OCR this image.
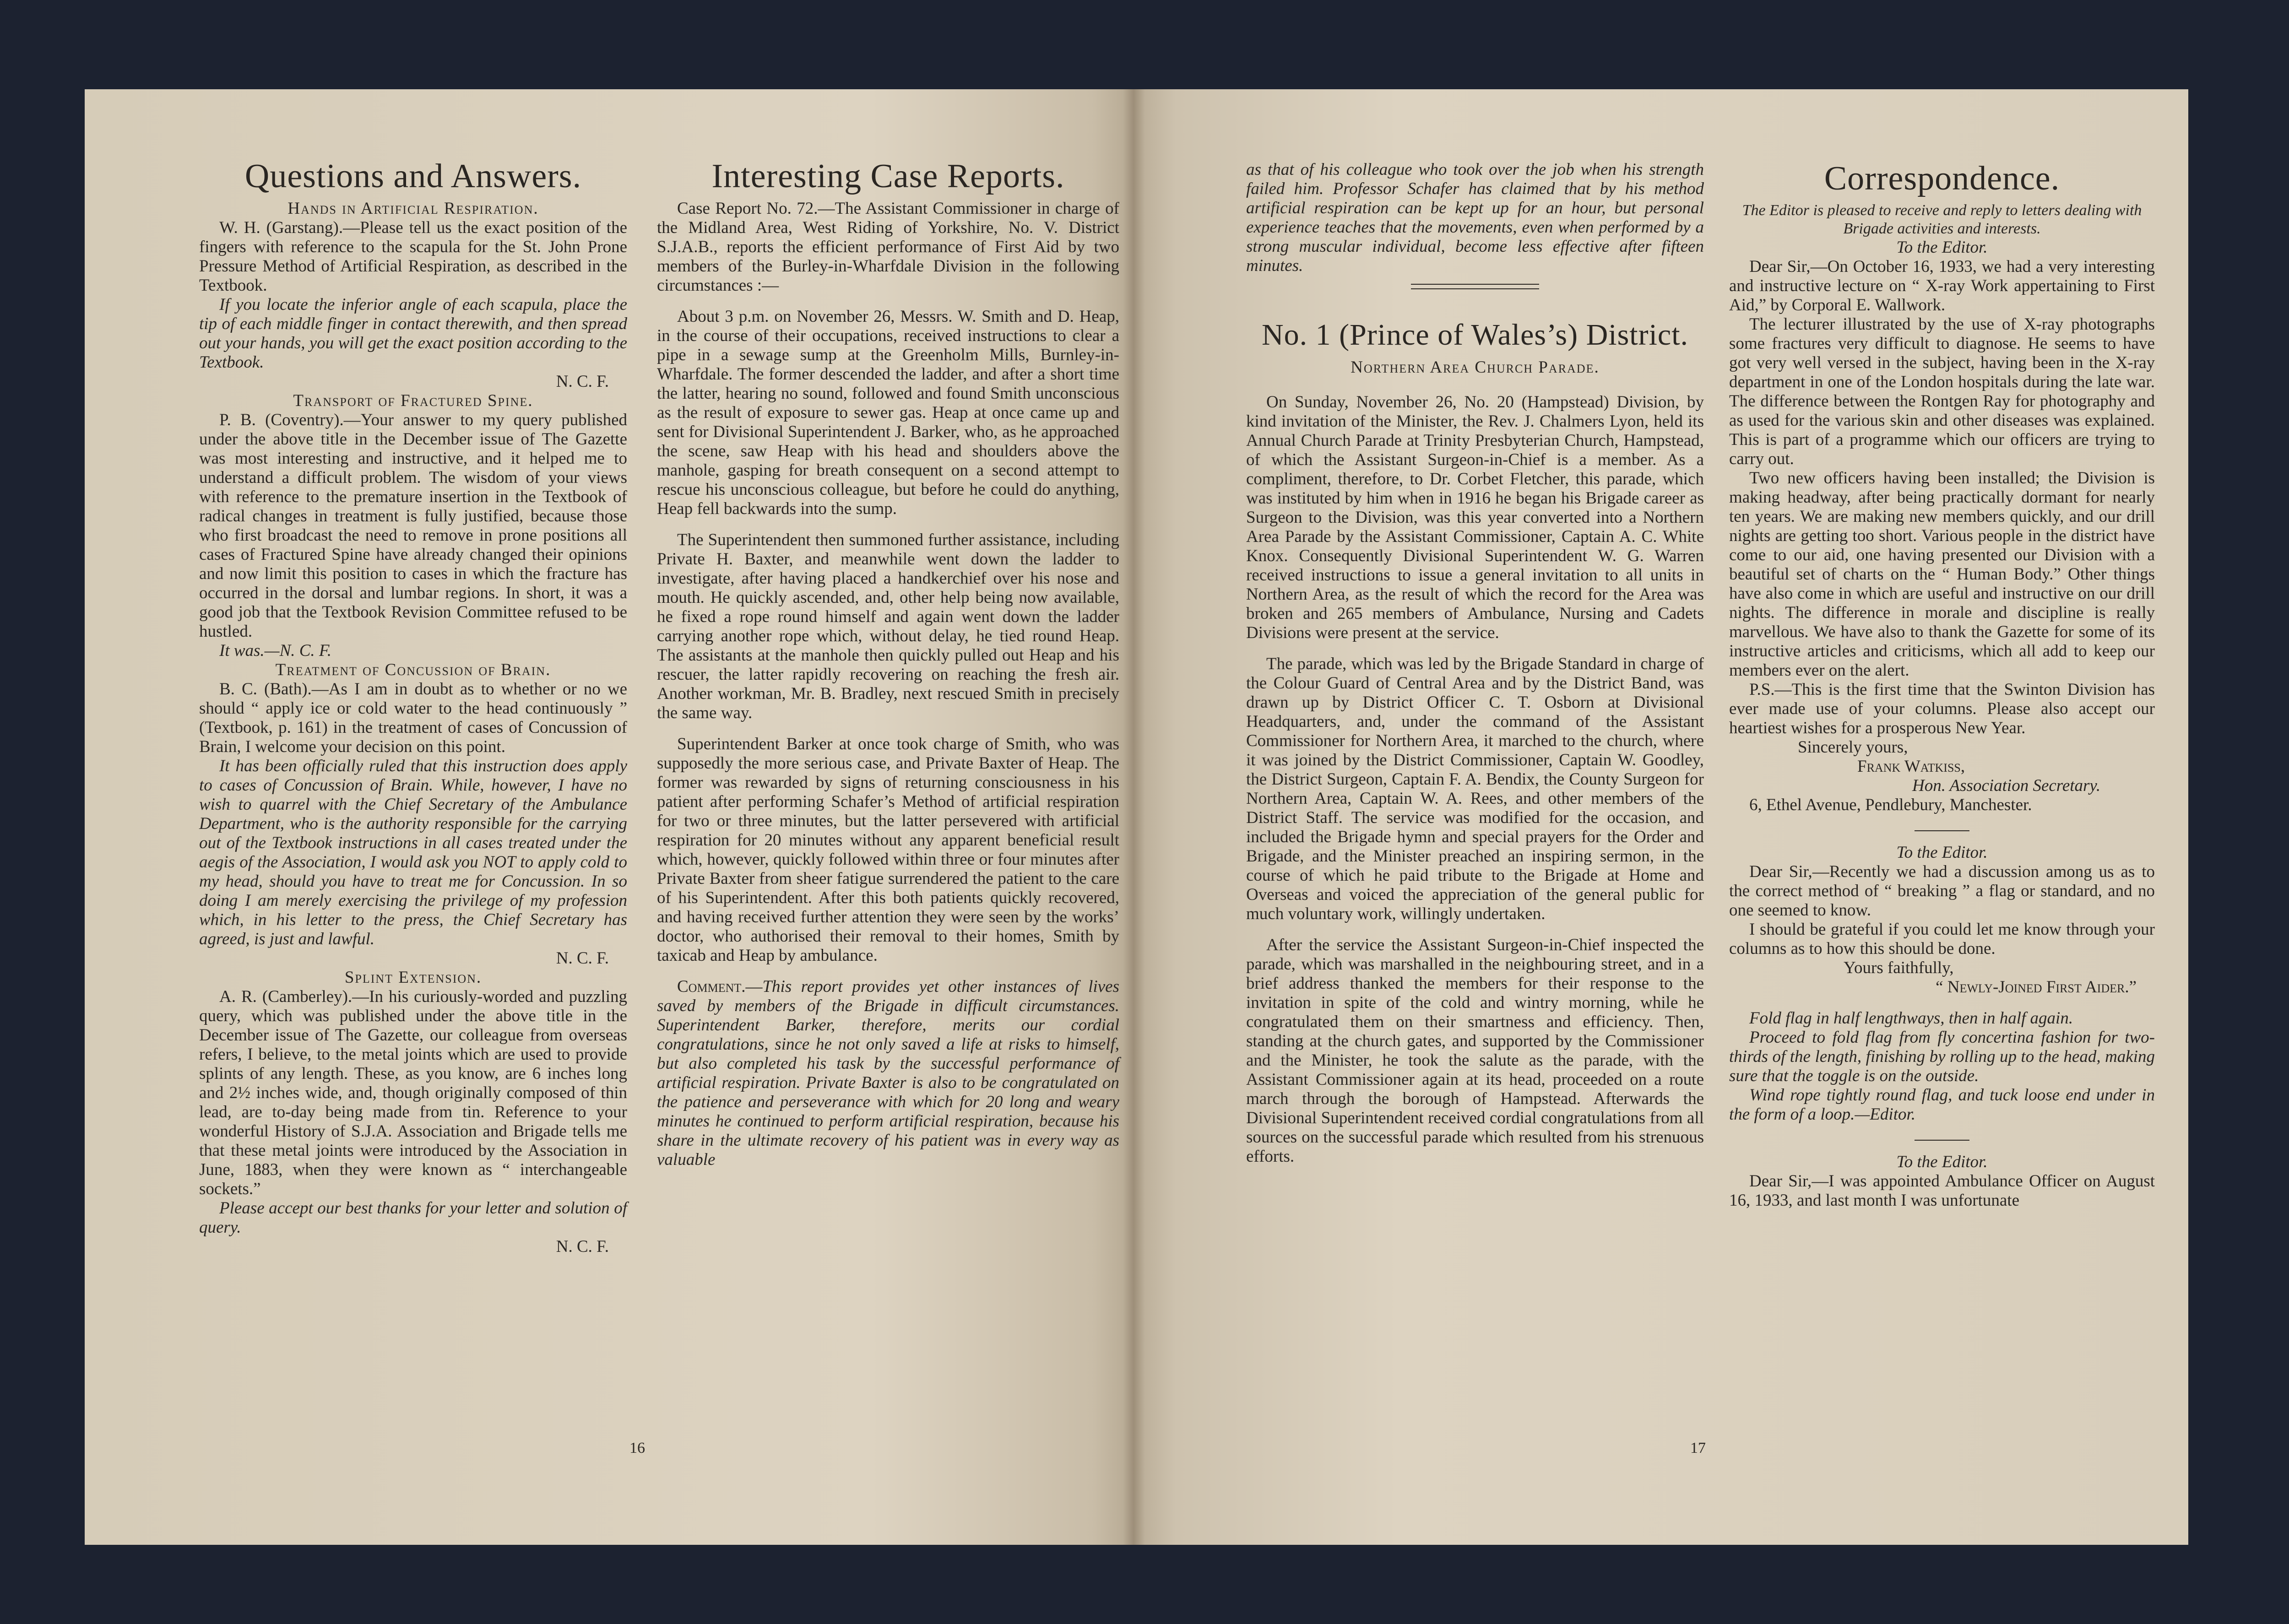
Questions and Answers.

Hands in Artificial Respiration.

W. H. (Garstang).—Please tell us the exact position of the fingers with reference to the scapula for the St. John Prone Pressure Method of Artificial Respiration, as described in the Textbook.

If you locate the inferior angle of each scapula, place the tip of each middle finger in contact therewith, and then spread out your hands, you will get the exact position according to the Textbook.

N. C. F.

Transport of Fractured Spine.

P. B. (Coventry).—Your answer to my query published under the above title in the December issue of The Gazette was most interesting and instructive, and it helped me to understand a difficult problem. The wisdom of your views with reference to the premature insertion in the Textbook of radical changes in treatment is fully justified, because those who first broadcast the need to remove in prone positions all cases of Fractured Spine have already changed their opinions and now limit this position to cases in which the fracture has occurred in the dorsal and lumbar regions. In short, it was a good job that the Textbook Revision Committee refused to be hustled.

It was.—N. C. F.

Treatment of Concussion of Brain.

B. C. (Bath).—As I am in doubt as to whether or no we should “ apply ice or cold water to the head continuously ” (Textbook, p. 161) in the treatment of cases of Concussion of Brain, I welcome your decision on this point.

It has been officially ruled that this instruction does apply to cases of Concussion of Brain. While, however, I have no wish to quarrel with the Chief Secretary of the Ambulance Department, who is the authority responsible for the carrying out of the Textbook instructions in all cases treated under the aegis of the Association, I would ask you NOT to apply cold to my head, should you have to treat me for Concussion. In so doing I am merely exercising the privilege of my profession which, in his letter to the press, the Chief Secretary has agreed, is just and lawful.

N. C. F.

Splint Extension.

A. R. (Camberley).—In his curiously-worded and puzzling query, which was published under the above title in the December issue of The Gazette, our colleague from overseas refers, I believe, to the metal joints which are used to provide splints of any length. These, as you know, are 6 inches long and 2½ inches wide, and, though originally composed of thin lead, are to-day being made from tin. Reference to your wonderful History of S.J.A. Association and Brigade tells me that these metal joints were introduced by the Association in June, 1883, when they were known as “ interchangeable sockets.”

Please accept our best thanks for your letter and solution of query.

N. C. F.

Interesting Case Reports.

Case Report No. 72.—The Assistant Commissioner in charge of the Midland Area, West Riding of Yorkshire, No. V. District S.J.A.B., reports the efficient performance of First Aid by two members of the Burley-in-Wharfdale Division in the following circumstances :—

About 3 p.m. on November 26, Messrs. W. Smith and D. Heap, in the course of their occupations, received instructions to clear a pipe in a sewage sump at the Greenholm Mills, Burnley-in-Wharfdale. The former descended the ladder, and after a short time the latter, hearing no sound, followed and found Smith unconscious as the result of exposure to sewer gas. Heap at once came up and sent for Divisional Superintendent J. Barker, who, as he approached the scene, saw Heap with his head and shoulders above the manhole, gasping for breath consequent on a second attempt to rescue his unconscious colleague, but before he could do anything, Heap fell backwards into the sump.

The Superintendent then summoned further assistance, including Private H. Baxter, and meanwhile went down the ladder to investigate, after having placed a handkerchief over his nose and mouth. He quickly ascended, and, other help being now available, he fixed a rope round himself and again went down the ladder carrying another rope which, without delay, he tied round Heap. The assistants at the manhole then quickly pulled out Heap and his rescuer, the latter rapidly recovering on reaching the fresh air. Another workman, Mr. B. Bradley, next rescued Smith in precisely the same way.

Superintendent Barker at once took charge of Smith, who was supposedly the more serious case, and Private Baxter of Heap. The former was rewarded by signs of returning consciousness in his patient after performing Schafer’s Method of artificial respiration for two or three minutes, but the latter persevered with artificial respiration for 20 minutes without any apparent beneficial result which, however, quickly followed within three or four minutes after Private Baxter from sheer fatigue surrendered the patient to the care of his Superintendent. After this both patients quickly recovered, and having received further attention they were seen by the works’ doctor, who authorised their removal to their homes, Smith by taxicab and Heap by ambulance.

Comment.—This report provides yet other instances of lives saved by members of the Brigade in difficult circumstances. Superintendent Barker, therefore, merits our cordial congratulations, since he not only saved a life at risks to himself, but also completed his task by the successful performance of artificial respiration. Private Baxter is also to be congratulated on the patience and perseverance with which for 20 long and weary minutes he continued to perform artificial respiration, because his share in the ultimate recovery of his patient was in every way as valuable

16

as that of his colleague who took over the job when his strength failed him. Professor Schafer has claimed that by his method artificial respiration can be kept up for an hour, but personal experience teaches that the movements, even when performed by a strong muscular individual, become less effective after fifteen minutes.

No. 1 (Prince of Wales’s) District.

Northern Area Church Parade.

On Sunday, November 26, No. 20 (Hampstead) Division, by kind invitation of the Minister, the Rev. J. Chalmers Lyon, held its Annual Church Parade at Trinity Presbyterian Church, Hampstead, of which the Assistant Surgeon-in-Chief is a member. As a compliment, therefore, to Dr. Corbet Fletcher, this parade, which was instituted by him when in 1916 he began his Brigade career as Surgeon to the Division, was this year converted into a Northern Area Parade by the Assistant Commissioner, Captain A. C. White Knox. Consequently Divisional Superintendent W. G. Warren received instructions to issue a general invitation to all units in Northern Area, as the result of which the record for the Area was broken and 265 members of Ambulance, Nursing and Cadets Divisions were present at the service.

The parade, which was led by the Brigade Standard in charge of the Colour Guard of Central Area and by the District Band, was drawn up by District Officer C. T. Osborn at Divisional Headquarters, and, under the command of the Assistant Commissioner for Northern Area, it marched to the church, where it was joined by the District Commissioner, Captain W. Goodley, the District Surgeon, Captain F. A. Bendix, the County Surgeon for Northern Area, Captain W. A. Rees, and other members of the District Staff. The service was modified for the occasion, and included the Brigade hymn and special prayers for the Order and Brigade, and the Minister preached an inspiring sermon, in the course of which he paid tribute to the Brigade at Home and Overseas and voiced the appreciation of the general public for much voluntary work, willingly undertaken.

After the service the Assistant Surgeon-in-Chief inspected the parade, which was marshalled in the neighbouring street, and in a brief address thanked the members for their response to the invitation in spite of the cold and wintry morning, while he congratulated them on their smartness and efficiency. Then, standing at the church gates, and supported by the Commissioner and the Minister, he took the salute as the parade, with the Assistant Commissioner again at its head, proceeded on a route march through the borough of Hampstead. Afterwards the Divisional Superintendent received cordial congratulations from all sources on the successful parade which resulted from his strenuous efforts.

Correspondence.

The Editor is pleased to receive and reply to letters dealing with Brigade activities and interests.

To the Editor.

Dear Sir,—On October 16, 1933, we had a very interesting and instructive lecture on “ X-ray Work appertaining to First Aid,” by Corporal E. Wallwork.

The lecturer illustrated by the use of X-ray photographs some fractures very difficult to diagnose. He seems to have got very well versed in the subject, having been in the X-ray department in one of the London hospitals during the late war. The difference between the Rontgen Ray for photography and as used for the various skin and other diseases was explained. This is part of a programme which our officers are trying to carry out.

Two new officers having been installed; the Division is making headway, after being practically dormant for nearly ten years. We are making new members quickly, and our drill nights are getting too short. Various people in the district have come to our aid, one having presented our Division with a beautiful set of charts on the “ Human Body.” Other things have also come in which are useful and instructive on our drill nights. The difference in morale and discipline is really marvellous. We have also to thank the Gazette for some of its instructive articles and criticisms, which all add to keep our members ever on the alert.

P.S.—This is the first time that the Swinton Division has ever made use of your columns. Please also accept our heartiest wishes for a prosperous New Year.

Sincerely yours,

Frank Watkiss,

Hon. Association Secretary.

6, Ethel Avenue, Pendlebury, Manchester.

To the Editor.

Dear Sir,—Recently we had a discussion among us as to the correct method of “ breaking ” a flag or standard, and no one seemed to know.

I should be grateful if you could let me know through your columns as to how this should be done.

Yours faithfully,

“ Newly-Joined First Aider.”

Fold flag in half lengthways, then in half again.

Proceed to fold flag from fly concertina fashion for two-thirds of the length, finishing by rolling up to the head, making sure that the toggle is on the outside.

Wind rope tightly round flag, and tuck loose end under in the form of a loop.—Editor.

To the Editor.

Dear Sir,—I was appointed Ambulance Officer on August 16, 1933, and last month I was unfortunate

17
